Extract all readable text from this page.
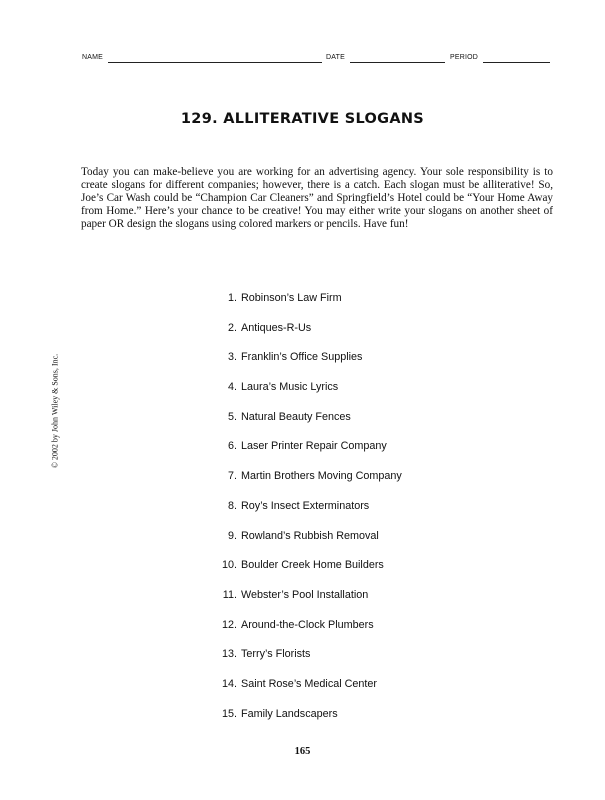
NAME	DATE	PERIOD
129. ALLITERATIVE SLOGANS

Today you can make-believe you are working for an advertising agency. Your sole responsibility is to create slogans for different companies; however, there is a catch. Each slogan must be alliterative! So, Joe’s Car Wash could be “Champion Car Cleaners” and Springfield’s Hotel could be “Your Home Away from Home.” Here’s your chance to be creative! You may either write your slogans on another sheet of paper OR design the slogans using colored markers or pencils. Have fun!

© 2002 by John Wiley & Sons, Inc.
1. Robinson’s Law Firm
2. Antiques-R-Us
3. Franklin’s Office Supplies
4. Laura’s Music Lyrics
5. Natural Beauty Fences
6. Laser Printer Repair Company
7. Martin Brothers Moving Company
8. Roy’s Insect Exterminators
9. Rowland’s Rubbish Removal
10. Boulder Creek Home Builders
11. Webster’s Pool Installation
12. Around-the-Clock Plumbers
13. Terry’s Florists
14. Saint Rose’s Medical Center
15. Family Landscapers
165
